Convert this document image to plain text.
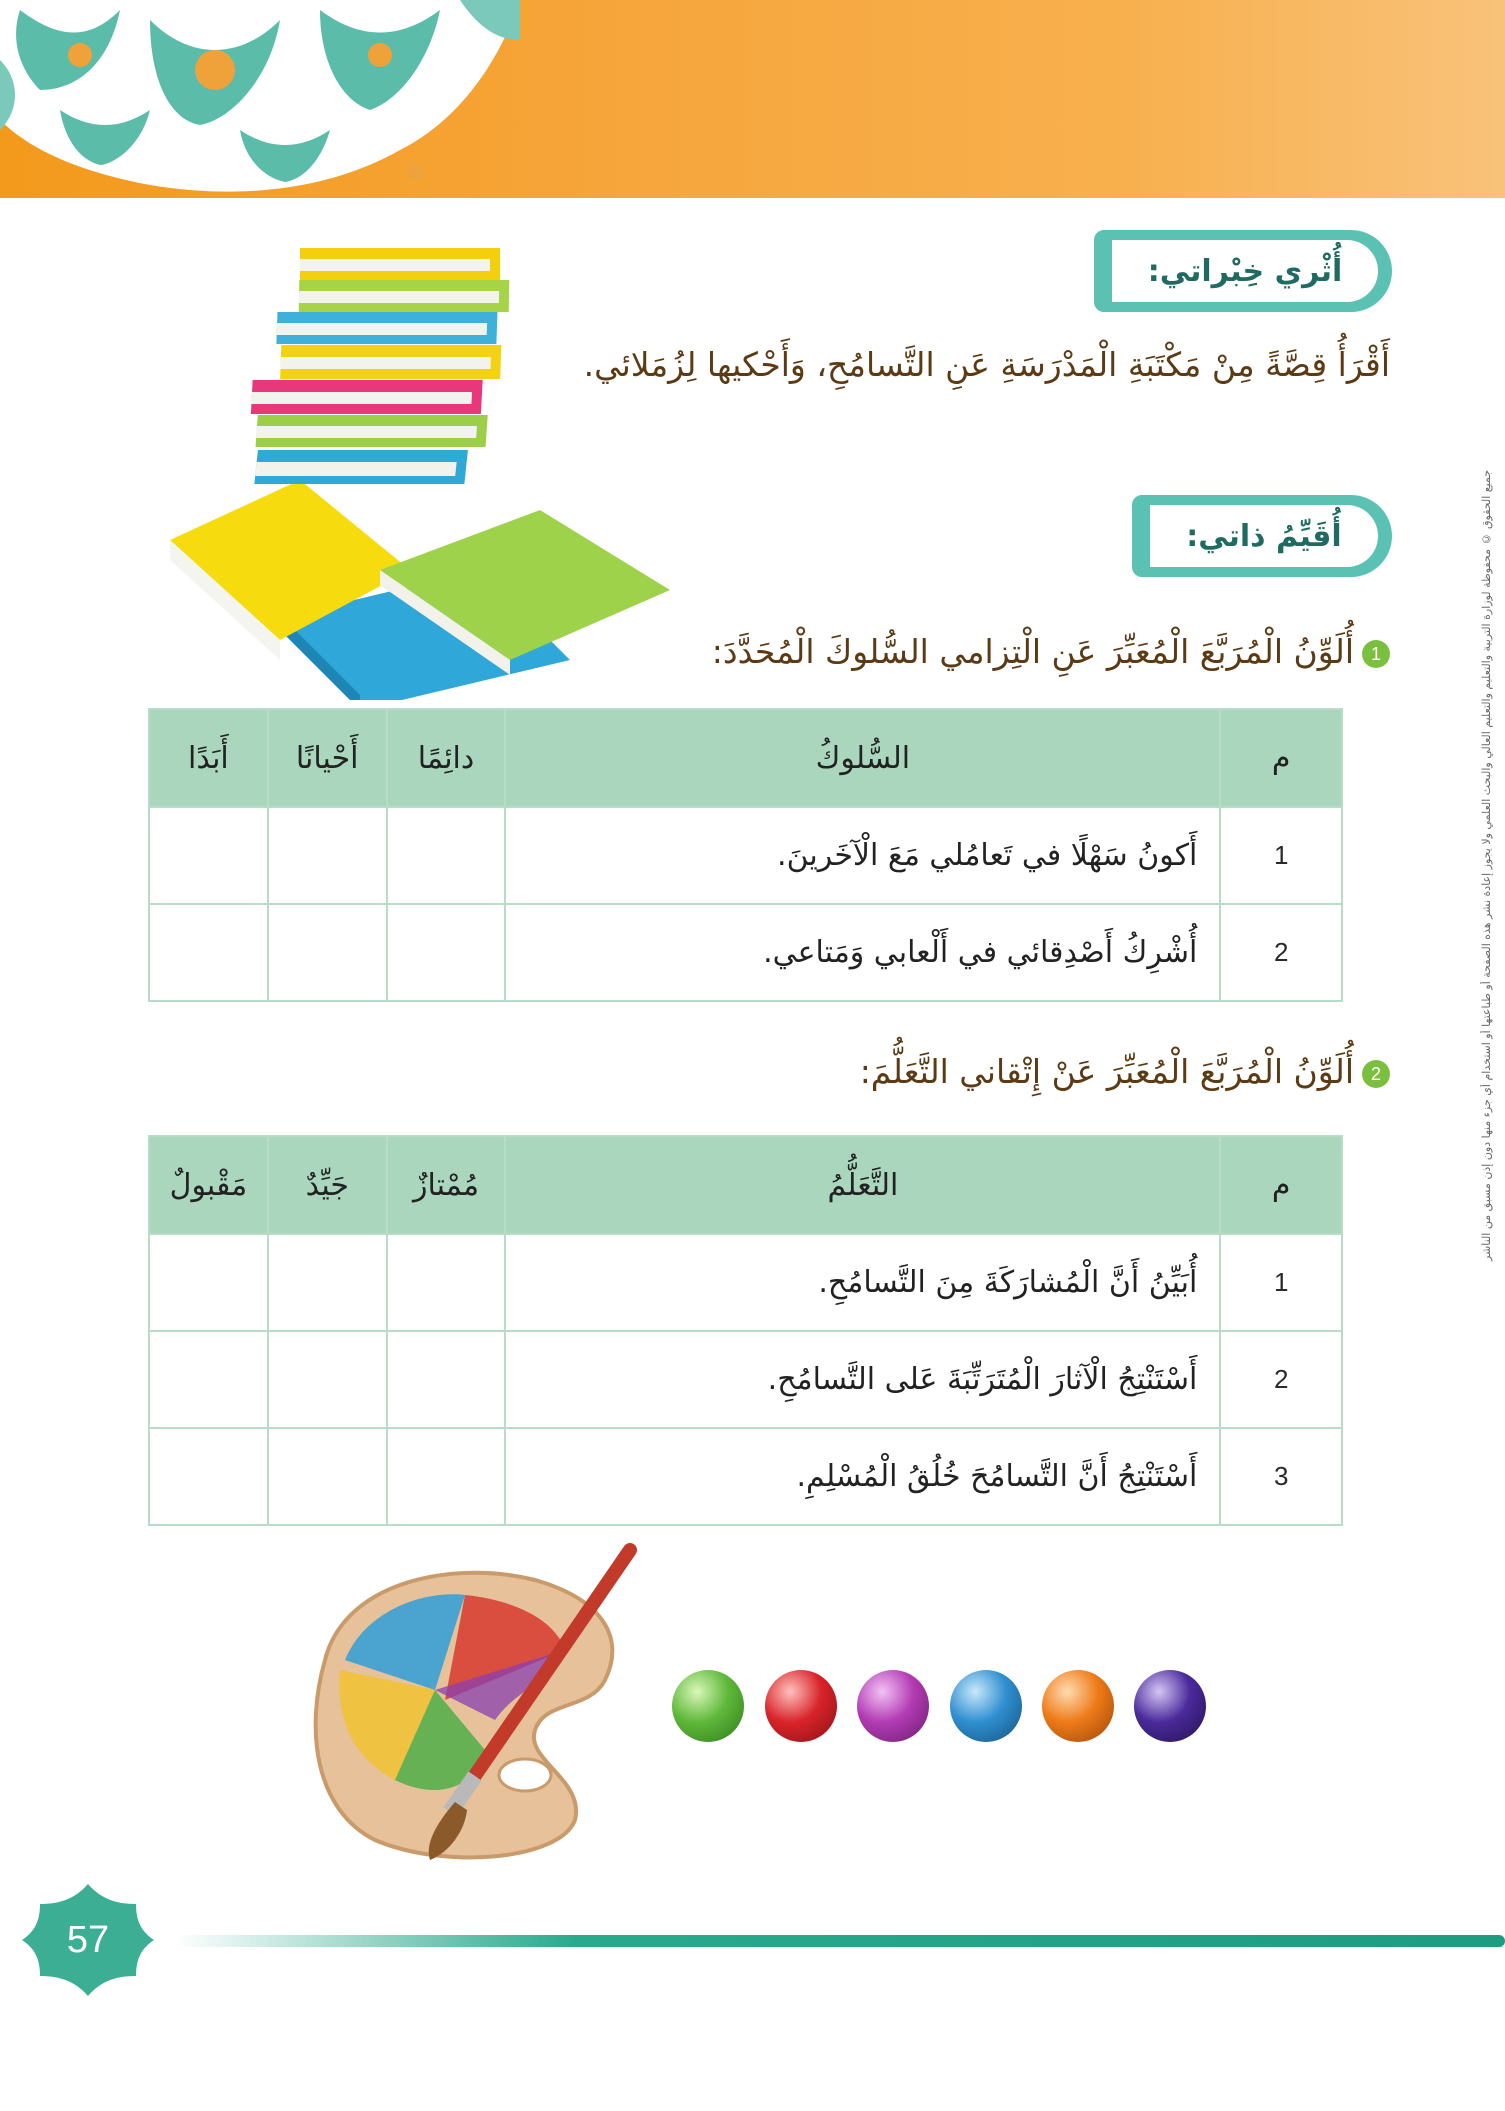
أُثْري خِبْراتي:
أَقْرَأُ قِصَّةً مِنْ مَكْتَبَةِ الْمَدْرَسَةِ عَنِ التَّسامُحِ، وَأَحْكيها لِزُمَلائي.
أُقَيِّمُ ذاتي:
1أُلَوِّنُ الْمُرَبَّعَ الْمُعَبِّرَ عَنِ الْتِزامي السُّلوكَ الْمُحَدَّدَ:
م	السُّلوكُ	دائِمًا	أَحْيانًا	أَبَدًا
1	أَكونُ سَهْلًا في تَعامُلي مَعَ الْآخَرينَ.			
2	أُشْرِكُ أَصْدِقائي في أَلْعابي وَمَتاعي.			
2أُلَوِّنُ الْمُرَبَّعَ الْمُعَبِّرَ عَنْ إِتْقاني التَّعَلُّمَ:
م	التَّعَلُّمُ	مُمْتازٌ	جَيِّدٌ	مَقْبولٌ
1	أُبَيِّنُ أَنَّ الْمُشارَكَةَ مِنَ التَّسامُحِ.			
2	أَسْتَنْتِجُ الْآثارَ الْمُتَرَتِّبَةَ عَلى التَّسامُحِ.			
3	أَسْتَنْتِجُ أَنَّ التَّسامُحَ خُلُقُ الْمُسْلِمِ.			
57
جميع الحقوق © محفوظة لوزارة التربية والتعليم والتعليم العالي والبحث العلمي ولا يجوز إعادة نشر هذه الصفحة أو طباعتها أو استخدام أي جزء منها دون إذن مسبق من الناشر
